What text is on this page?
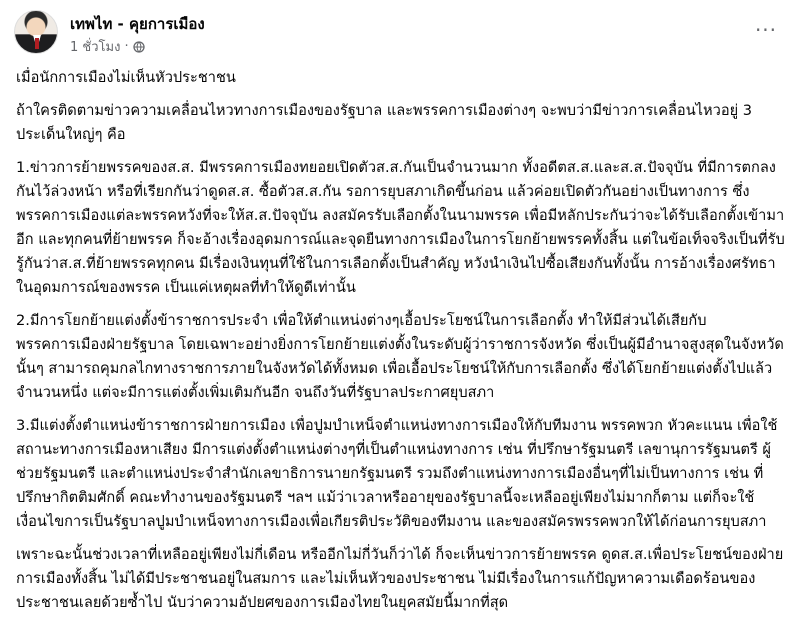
เทพไท - คุยการเมือง
1 ชั่วโมง ·
···

เมื่อนักการเมืองไม่เห็นหัวประชาชน

ถ้าใครติดตามข่าวความเคลื่อนไหวทางการเมืองของรัฐบาล และพรรคการเมืองต่างๆ จะพบว่ามีข่าวการเคลื่อนไหวอยู่ 3 ประเด็นใหญ่ๆ คือ

1.ข่าวการย้ายพรรคของส.ส. มีพรรคการเมืองทยอยเปิดตัวส.ส.กันเป็นจำนวนมาก ทั้งอดีตส.ส.และส.ส.ปัจจุบัน ที่มีการตกลงกันไว้ล่วงหน้า หรือที่เรียกกันว่าดูดส.ส. ซื้อตัวส.ส.กัน รอการยุบสภาเกิดขึ้นก่อน แล้วค่อยเปิดตัวกันอย่างเป็นทางการ ซึ่งพรรคการเมืองแต่ละพรรคหวังที่จะให้ส.ส.ปัจจุบัน ลงสมัครรับเลือกตั้งในนามพรรค เพื่อมีหลักประกันว่าจะได้รับเลือกตั้งเข้ามาอีก และทุกคนที่ย้ายพรรค ก็จะอ้างเรื่องอุดมการณ์และจุดยืนทางการเมืองในการโยกย้ายพรรคทั้งสิ้น แต่ในข้อเท็จจริงเป็นที่รับรู้กันว่าส.ส.ที่ย้ายพรรคทุกคน มีเรื่องเงินทุนที่ใช้ในการเลือกตั้งเป็นสำคัญ หวังนำเงินไปซื้อเสียงกันทั้งนั้น การอ้างเรื่องศรัทธาในอุดมการณ์ของพรรค เป็นแค่เหตุผลที่ทำให้ดูดีเท่านั้น

2.มีการโยกย้ายแต่งตั้งข้าราชการประจำ เพื่อให้ตำแหน่งต่างๆเอื้อประโยชน์ในการเลือกตั้ง ทำให้มีส่วนได้เสียกับพรรคการเมืองฝ่ายรัฐบาล โดยเฉพาะอย่างยิ่งการโยกย้ายแต่งตั้งในระดับผู้ว่าราชการจังหวัด ซึ่งเป็นผู้มีอำนาจสูงสุดในจังหวัดนั้นๆ สามารถคุมกลไกทางราชการภายในจังหวัดได้ทั้งหมด เพื่อเอื้อประโยชน์ให้กับการเลือกตั้ง ซึ่งได้โยกย้ายแต่งตั้งไปแล้วจำนวนหนึ่ง แต่จะมีการแต่งตั้งเพิ่มเติมกันอีก จนถึงวันที่รัฐบาลประกาศยุบสภา

3.มีแต่งตั้งตำแหน่งข้าราชการฝ่ายการเมือง เพื่อปูมบำเหน็จตำแหน่งทางการเมืองให้กับทีมงาน พรรคพวก หัวคะแนน เพื่อใช้สถานะทางการเมืองหาเสียง มีการแต่งตั้งตำแหน่งต่างๆที่เป็นตำแหน่งทางการ เช่น ที่ปรึกษารัฐมนตรี เลขานุการรัฐมนตรี ผู้ช่วยรัฐมนตรี และตำแหน่งประจำสำนักเลขาธิการนายกรัฐมนตรี รวมถึงตำแหน่งทางการเมืองอื่นๆที่ไม่เป็นทางการ เช่น ที่ปรึกษากิตติมศักดิ์ คณะทำงานของรัฐมนตรี ฯลฯ แม้ว่าเวลาหรืออายุของรัฐบาลนี้จะเหลืออยู่เพียงไม่มากก็ตาม แต่ก็จะใช้เงื่อนไขการเป็นรัฐบาลปูมบำเหน็จทางการเมืองเพื่อเกียรติประวัติของทีมงาน และของสมัครพรรคพวกให้ได้ก่อนการยุบสภา

เพราะฉะนั้นช่วงเวลาที่เหลืออยู่เพียงไม่กี่เดือน หรืออีกไม่กี่วันก็ว่าได้ ก็จะเห็นข่าวการย้ายพรรค ดูดส.ส.เพื่อประโยชน์ของฝ่ายการเมืองทั้งสิ้น ไม่ได้มีประชาชนอยู่ในสมการ และไม่เห็นหัวของประชาชน ไม่มีเรื่องในการแก้ปัญหาความเดือดร้อนของประชาชนเลยด้วยซ้ำไป นับว่าความอัปยศของการเมืองไทยในยุคสมัยนี้มากที่สุด
